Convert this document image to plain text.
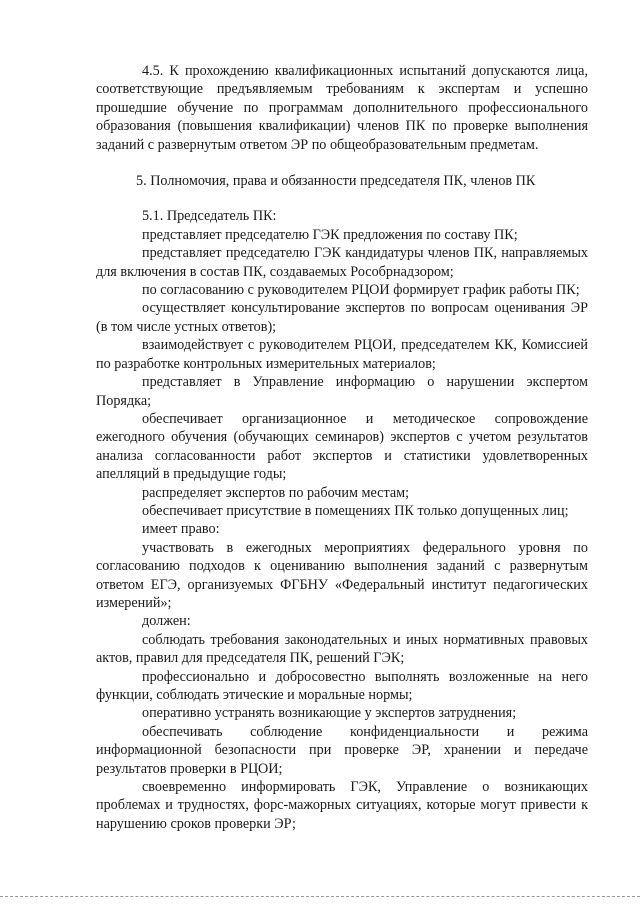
4.5. К прохождению квалификационных испытаний допускаются лица, соответствующие предъявляемым требованиям к экспертам и успешно прошедшие обучение по программам дополнительного профессионального образования (повышения квалификации) членов ПК по проверке выполнения заданий с развернутым ответом ЭР по общеобразовательным предметам.

5. Полномочия, права и обязанности председателя ПК, членов ПК

5.1. Председатель ПК:

представляет председателю ГЭК предложения по составу ПК;

представляет председателю ГЭК кандидатуры членов ПК, направляемых для включения в состав ПК, создаваемых Рособрнадзором;

по согласованию с руководителем РЦОИ формирует график работы ПК;

осуществляет консультирование экспертов по вопросам оценивания ЭР (в том числе устных ответов);

взаимодействует с руководителем РЦОИ, председателем КК, Комиссией по разработке контрольных измерительных материалов;

представляет в Управление информацию о нарушении экспертом Порядка;

обеспечивает организационное и методическое сопровождение ежегодного обучения (обучающих семинаров) экспертов с учетом результатов анализа согласованности работ экспертов и статистики удовлетворенных апелляций в предыдущие годы;

распределяет экспертов по рабочим местам;

обеспечивает присутствие в помещениях ПК только допущенных лиц;

имеет право:

участвовать в ежегодных мероприятиях федерального уровня по согласованию подходов к оцениванию выполнения заданий с развернутым ответом ЕГЭ, организуемых ФГБНУ «Федеральный институт педагогических измерений»;

должен:

соблюдать требования законодательных и иных нормативных правовых актов, правил для председателя ПК, решений ГЭК;

профессионально и добросовестно выполнять возложенные на него функции, соблюдать этические и моральные нормы;

оперативно устранять возникающие у экспертов затруднения;

обеспечивать соблюдение конфиденциальности и режима информационной безопасности при проверке ЭР, хранении и передаче результатов проверки в РЦОИ;

своевременно информировать ГЭК, Управление о возникающих проблемах и трудностях, форс-мажорных ситуациях, которые могут привести к нарушению сроков проверки ЭР;
